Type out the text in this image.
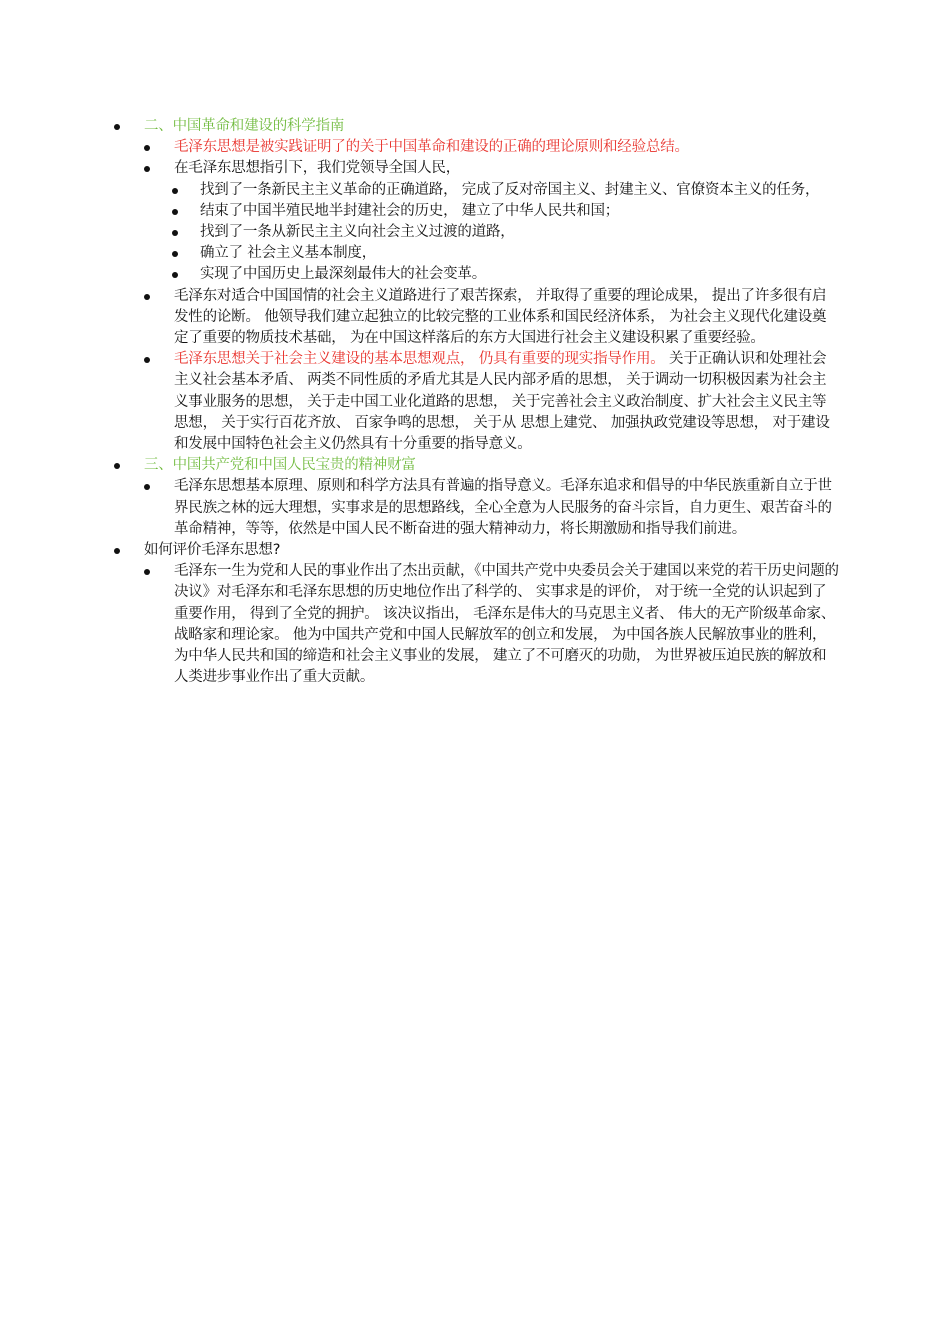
二、中国革命和建设的科学指南
毛泽东思想是被实践证明了的关于中国革命和建设的正确的理论原则和经验总结。
在毛泽东思想指引下，我们党领导全国人民，
找到了一条新民主主义革命的正确道路， 完成了反对帝国主义、封建主义、官僚资本主义的任务，
结束了中国半殖民地半封建社会的历史， 建立了中华人民共和国；
找到了一条从新民主主义向社会主义过渡的道路，
确立了 社会主义基本制度，
实现了中国历史上最深刻最伟大的社会变革。
毛泽东对适合中国国情的社会主义道路进行了艰苦探索， 并取得了重要的理论成果， 提出了许多很有启发性的论断。 他领导我们建立起独立的比较完整的工业体系和国民经济体系， 为社会主义现代化建设奠定了重要的物质技术基础， 为在中国这样落后的东方大国进行社会主义建设积累了重要经验。
毛泽东思想关于社会主义建设的基本思想观点， 仍具有重要的现实指导作用。 关于正确认识和处理社会主义社会基本矛盾、 两类不同性质的矛盾尤其是人民内部矛盾的思想， 关于调动一切积极因素为社会主义事业服务的思想， 关于走中国工业化道路的思想， 关于完善社会主义政治制度、扩大社会主义民主等思想， 关于实行百花齐放、 百家争鸣的思想， 关于从 思想上建党、 加强执政党建设等思想， 对于建设和发展中国特色社会主义仍然具有十分重要的指导意义。
三、中国共产党和中国人民宝贵的精神财富
毛泽东思想基本原理、原则和科学方法具有普遍的指导意义。毛泽东追求和倡导的中华民族重新自立于世界民族之林的远大理想，实事求是的思想路线，全心全意为人民服务的奋斗宗旨，自力更生、艰苦奋斗的革命精神，等等，依然是中国人民不断奋进的强大精神动力，将长期激励和指导我们前进。
如何评价毛泽东思想?
毛泽东一生为党和人民的事业作出了杰出贡献，《中国共产党中央委员会关于建国以来党的若干历史问题的决议》对毛泽东和毛泽东思想的历史地位作出了科学的、 实事求是的评价， 对于统一全党的认识起到了重要作用， 得到了全党的拥护。 该决议指出， 毛泽东是伟大的马克思主义者、 伟大的无产阶级革命家、 战略家和理论家。 他为中国共产党和中国人民解放军的创立和发展， 为中国各族人民解放事业的胜利， 为中华人民共和国的缔造和社会主义事业的发展， 建立了不可磨灭的功勋， 为世界被压迫民族的解放和人类进步事业作出了重大贡献。
